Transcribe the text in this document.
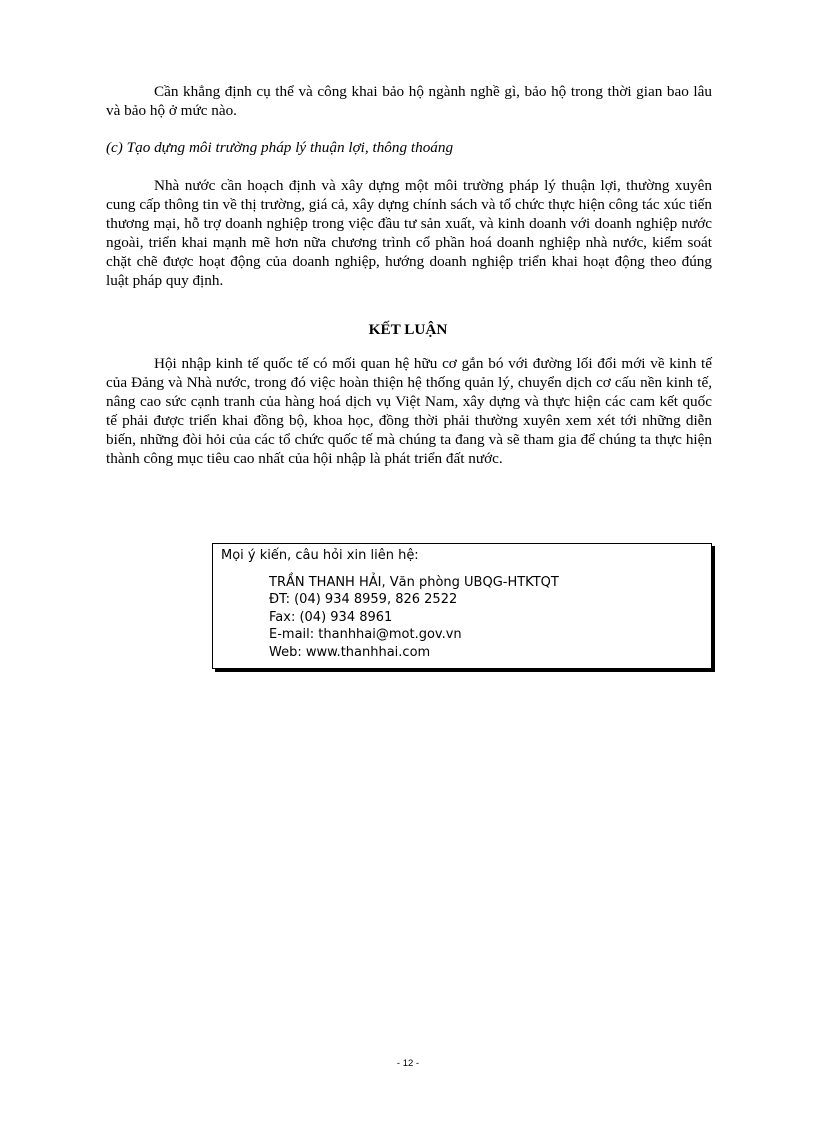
Cần khẳng định cụ thể và công khai bảo hộ ngành nghề gì, bảo hộ trong thời gian bao lâu và bảo hộ ở mức nào.

(c) Tạo dựng môi trường pháp lý thuận lợi, thông thoáng

Nhà nước cần hoạch định và xây dựng một môi trường pháp lý thuận lợi, thường xuyên cung cấp thông tin về thị trường, giá cả, xây dựng chính sách và tổ chức thực hiện công tác xúc tiến thương mại, hỗ trợ doanh nghiệp trong việc đầu tư sản xuất, và kinh doanh với doanh nghiệp nước ngoài, triển khai mạnh mẽ hơn nữa chương trình cổ phần hoá doanh nghiệp nhà nước, kiểm soát chặt chẽ được hoạt động của doanh nghiệp, hướng doanh nghiệp triển khai hoạt động theo đúng luật pháp quy định.

KẾT LUẬN

Hội nhập kinh tế quốc tế có mối quan hệ hữu cơ gắn bó với đường lối đổi mới về kinh tế của Đảng và Nhà nước, trong đó việc hoàn thiện hệ thống quản lý, chuyển dịch cơ cấu nền kinh tế, nâng cao sức cạnh tranh của hàng hoá dịch vụ Việt Nam, xây dựng và thực hiện các cam kết quốc tế phải được triển khai đồng bộ, khoa học, đồng thời phải thường xuyên xem xét tới những diễn biến, những đòi hỏi của các tổ chức quốc tế mà chúng ta đang và sẽ tham gia để chúng ta thực hiện thành công mục tiêu cao nhất của hội nhập là phát triển đất nước.

Mọi ý kiến, câu hỏi xin liên hệ:

TRẦN THANH HẢI, Văn phòng UBQG-HTKTQT

ĐT: (04) 934 8959, 826 2522

Fax: (04) 934 8961

E-mail: thanhhai@mot.gov.vn

Web: www.thanhhai.com

- 12 -
